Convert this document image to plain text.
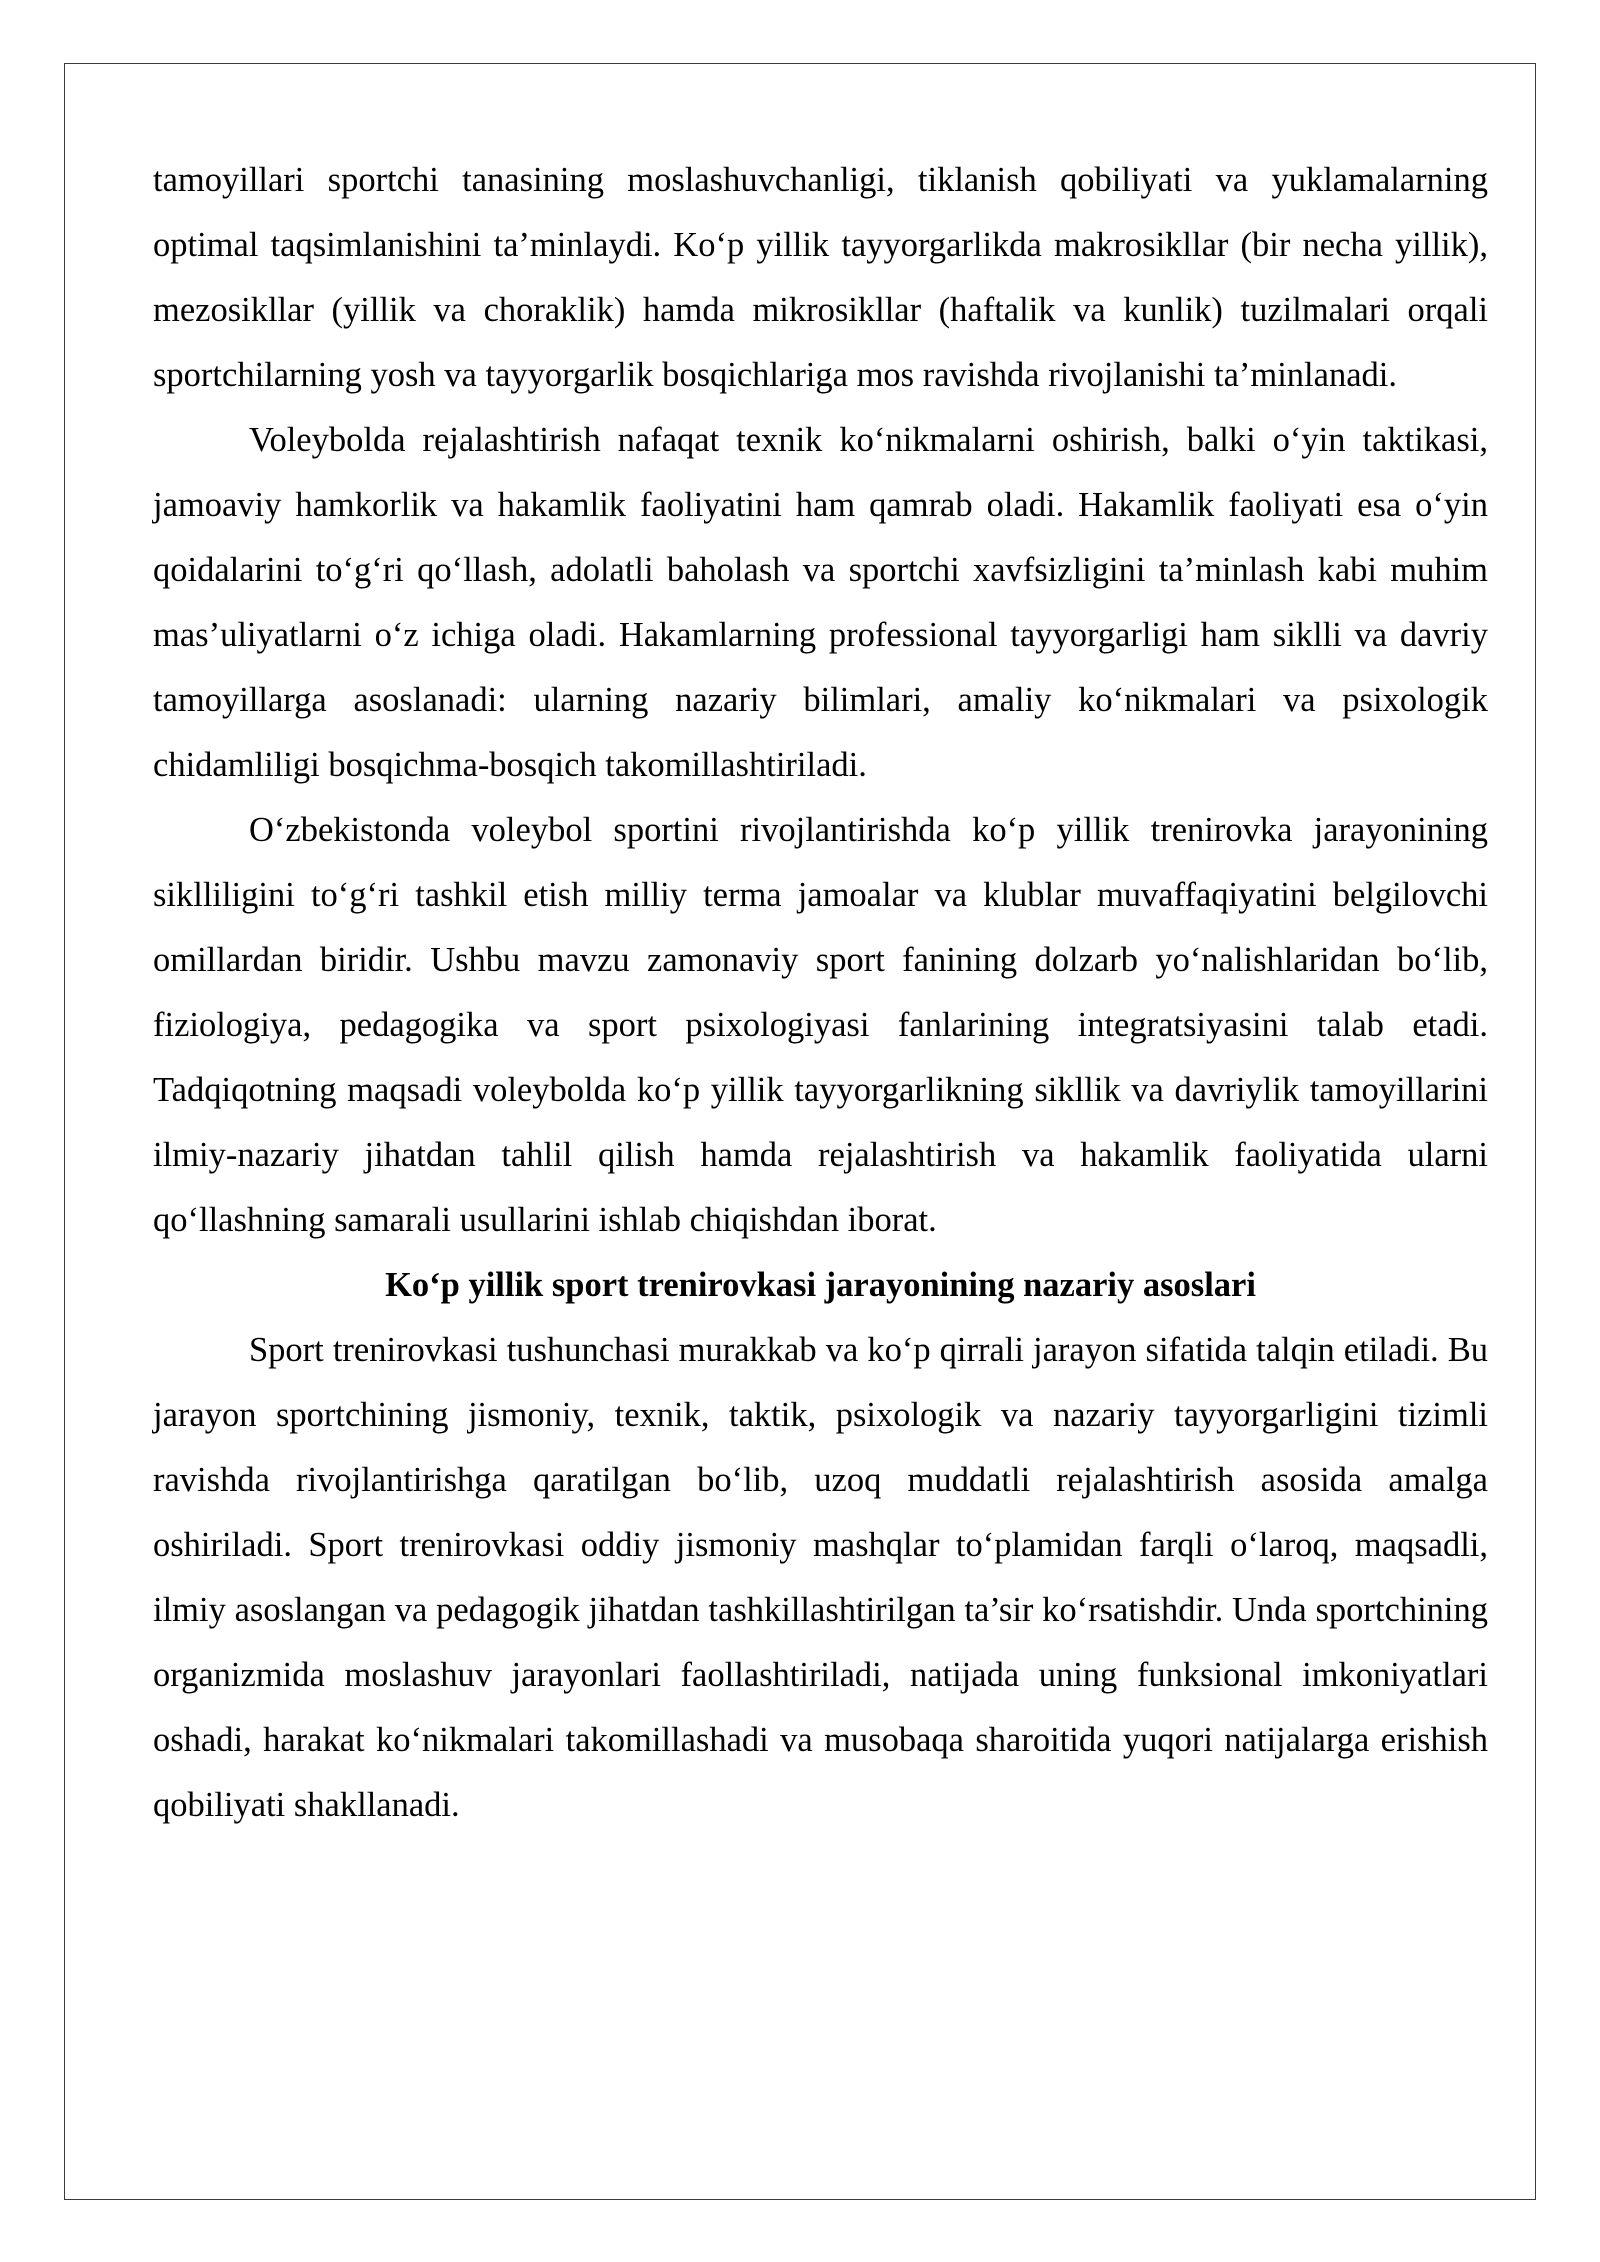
tamoyillari sportchi tanasining moslashuvchanligi, tiklanish qobiliyati va yuklamalarning optimal taqsimlanishini ta’minlaydi. Ko‘p yillik tayyorgarlikda makrosikllar (bir necha yillik), mezosikllar (yillik va choraklik) hamda mikrosikllar (haftalik va kunlik) tuzilmalari orqali sportchilarning yosh va tayyorgarlik bosqichlariga mos ravishda rivojlanishi ta’minlanadi.

Voleybolda rejalashtirish nafaqat texnik ko‘nikmalarni oshirish, balki o‘yin taktikasi, jamoaviy hamkorlik va hakamlik faoliyatini ham qamrab oladi. Hakamlik faoliyati esa o‘yin qoidalarini to‘g‘ri qo‘llash, adolatli baholash va sportchi xavfsizligini ta’minlash kabi muhim mas’uliyatlarni o‘z ichiga oladi. Hakamlarning professional tayyorgarligi ham siklli va davriy tamoyillarga asoslanadi: ularning nazariy bilimlari, amaliy ko‘nikmalari va psixologik chidamliligi bosqichma-bosqich takomillashtiriladi.

O‘zbekistonda voleybol sportini rivojlantirishda ko‘p yillik trenirovka jarayonining siklliligini to‘g‘ri tashkil etish milliy terma jamoalar va klublar muvaffaqiyatini belgilovchi omillardan biridir. Ushbu mavzu zamonaviy sport fanining dolzarb yo‘nalishlaridan bo‘lib, fiziologiya, pedagogika va sport psixologiyasi fanlarining integratsiyasini talab etadi. Tadqiqotning maqsadi voleybolda ko‘p yillik tayyorgarlikning sikllik va davriylik tamoyillarini ilmiy-nazariy jihatdan tahlil qilish hamda rejalashtirish va hakamlik faoliyatida ularni qo‘llashning samarali usullarini ishlab chiqishdan iborat.

Ko‘p yillik sport trenirovkasi jarayonining nazariy asoslari

Sport trenirovkasi tushunchasi murakkab va ko‘p qirrali jarayon sifatida talqin etiladi. Bu jarayon sportchining jismoniy, texnik, taktik, psixologik va nazariy tayyorgarligini tizimli ravishda rivojlantirishga qaratilgan bo‘lib, uzoq muddatli rejalashtirish asosida amalga oshiriladi. Sport trenirovkasi oddiy jismoniy mashqlar to‘plamidan farqli o‘laroq, maqsadli, ilmiy asoslangan va pedagogik jihatdan tashkillashtirilgan ta’sir ko‘rsatishdir. Unda sportchining organizmida moslashuv jarayonlari faollashtiriladi, natijada uning funksional imkoniyatlari oshadi, harakat ko‘nikmalari takomillashadi va musobaqa sharoitida yuqori natijalarga erishish qobiliyati shakllanadi.
